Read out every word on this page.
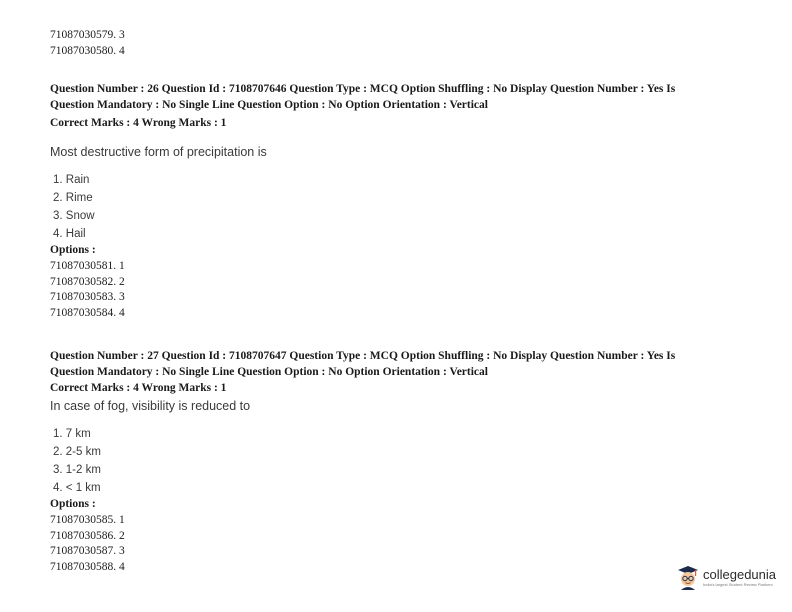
71087030579. 3
71087030580. 4
Question Number : 26 Question Id : 7108707646 Question Type : MCQ Option Shuffling : No Display Question Number : Yes Is
Question Mandatory : No Single Line Question Option : No Option Orientation : Vertical
Correct Marks : 4 Wrong Marks : 1
Most destructive form of precipitation is
1. Rain
2. Rime
3. Snow
4. Hail
Options :
71087030581. 1
71087030582. 2
71087030583. 3
71087030584. 4
Question Number : 27 Question Id : 7108707647 Question Type : MCQ Option Shuffling : No Display Question Number : Yes Is
Question Mandatory : No Single Line Question Option : No Option Orientation : Vertical
Correct Marks : 4 Wrong Marks : 1
In case of fog, visibility is reduced to
1. 7 km
2. 2-5 km
3. 1-2 km
4. < 1 km
Options :
71087030585. 1
71087030586. 2
71087030587. 3
71087030588. 4	collegedunia
India's largest Student Review Platform
